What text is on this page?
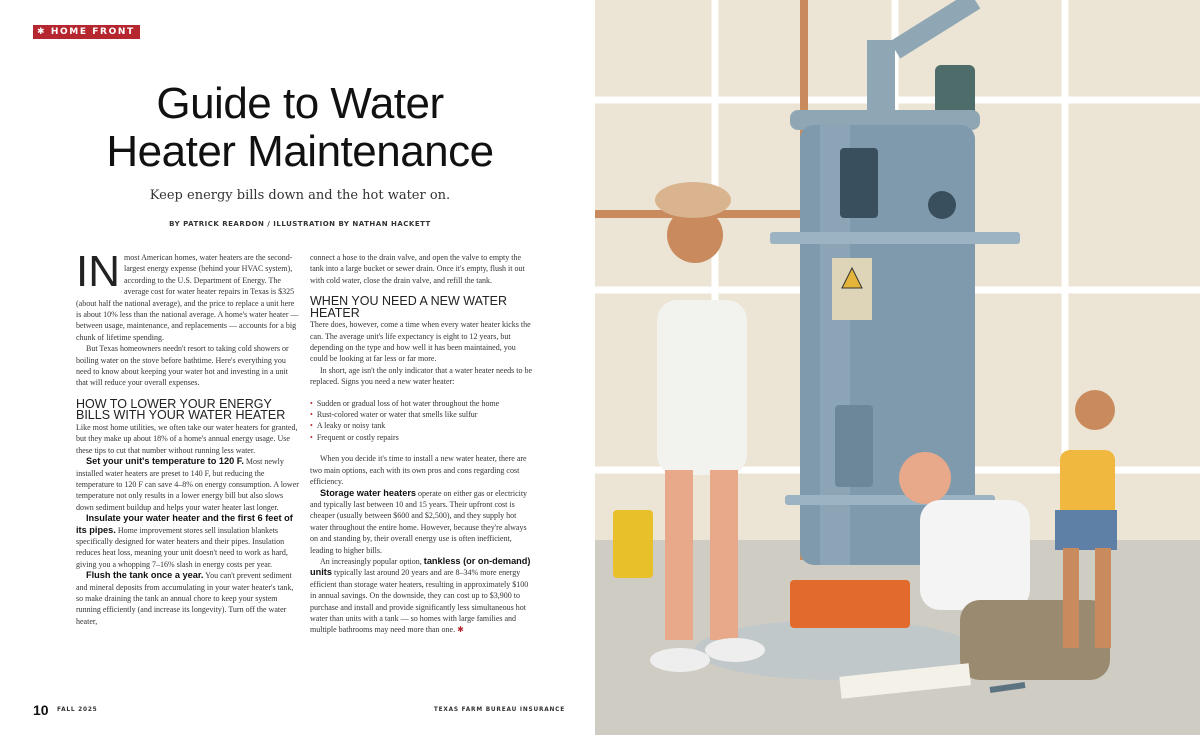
✱ HOME FRONT
Guide to Water
Heater Maintenance
Keep energy bills down and the hot water on.
BY PATRICK REARDON / ILLUSTRATION BY NATHAN HACKETT

IN most American homes, water heaters are the second-largest energy expense (behind your HVAC system), according to the U.S. Department of Energy. The average cost for water heater repairs in Texas is $325 (about half the national average), and the price to replace a unit here is about 10% less than the national average. A home's water heater — between usage, maintenance, and replacements — accounts for a big chunk of lifetime spending.

But Texas homeowners needn't resort to taking cold showers or boiling water on the stove before bathtime. Here's everything you need to know about keeping your water hot and investing in a unit that will reduce your overall expenses.

HOW TO LOWER YOUR ENERGY BILLS WITH YOUR WATER HEATER

Like most home utilities, we often take our water heaters for granted, but they make up about 18% of a home's annual energy usage. Use these tips to cut that number without running less water.

Set your unit's temperature to 120 F. Most newly installed water heaters are preset to 140 F, but reducing the temperature to 120 F can save 4–8% on energy consumption. A lower temperature not only results in a lower energy bill but also slows down sediment buildup and helps your water heater last longer.

Insulate your water heater and the first 6 feet of its pipes. Home improvement stores sell insulation blankets specifically designed for water heaters and their pipes. Insulation reduces heat loss, meaning your unit doesn't need to work as hard, giving you a whopping 7–16% slash in energy costs per year.

Flush the tank once a year. You can't prevent sediment and mineral deposits from accumulating in your water heater's tank, so make draining the tank an annual chore to keep your system running efficiently (and increase its longevity). Turn off the water heater,

connect a hose to the drain valve, and open the valve to empty the tank into a large bucket or sewer drain. Once it's empty, flush it out with cold water, close the drain valve, and refill the tank.

WHEN YOU NEED A NEW WATER HEATER

There does, however, come a time when every water heater kicks the can. The average unit's life expectancy is eight to 12 years, but depending on the type and how well it has been maintained, you could be looking at far less or far more.

In short, age isn't the only indicator that a water heater needs to be replaced. Signs you need a new water heater:

• Sudden or gradual loss of hot water throughout the home
• Rust-colored water or water that smells like sulfur
• A leaky or noisy tank
• Frequent or costly repairs

When you decide it's time to install a new water heater, there are two main options, each with its own pros and cons regarding cost efficiency.

Storage water heaters operate on either gas or electricity and typically last between 10 and 15 years. Their upfront cost is cheaper (usually between $600 and $2,500), and they supply hot water throughout the entire home. However, because they're always on and standing by, their overall energy use is often inefficient, leading to higher bills.

An increasingly popular option, tankless (or on-demand) units typically last around 20 years and are 8–34% more energy efficient than storage water heaters, resulting in approximately $100 in annual savings. On the downside, they can cost up to $3,900 to purchase and install and provide significantly less simultaneous hot water than units with a tank — so homes with large families and multiple bathrooms may need more than one. ✱

10 FALL 2025	TEXAS FARM BUREAU INSURANCE
